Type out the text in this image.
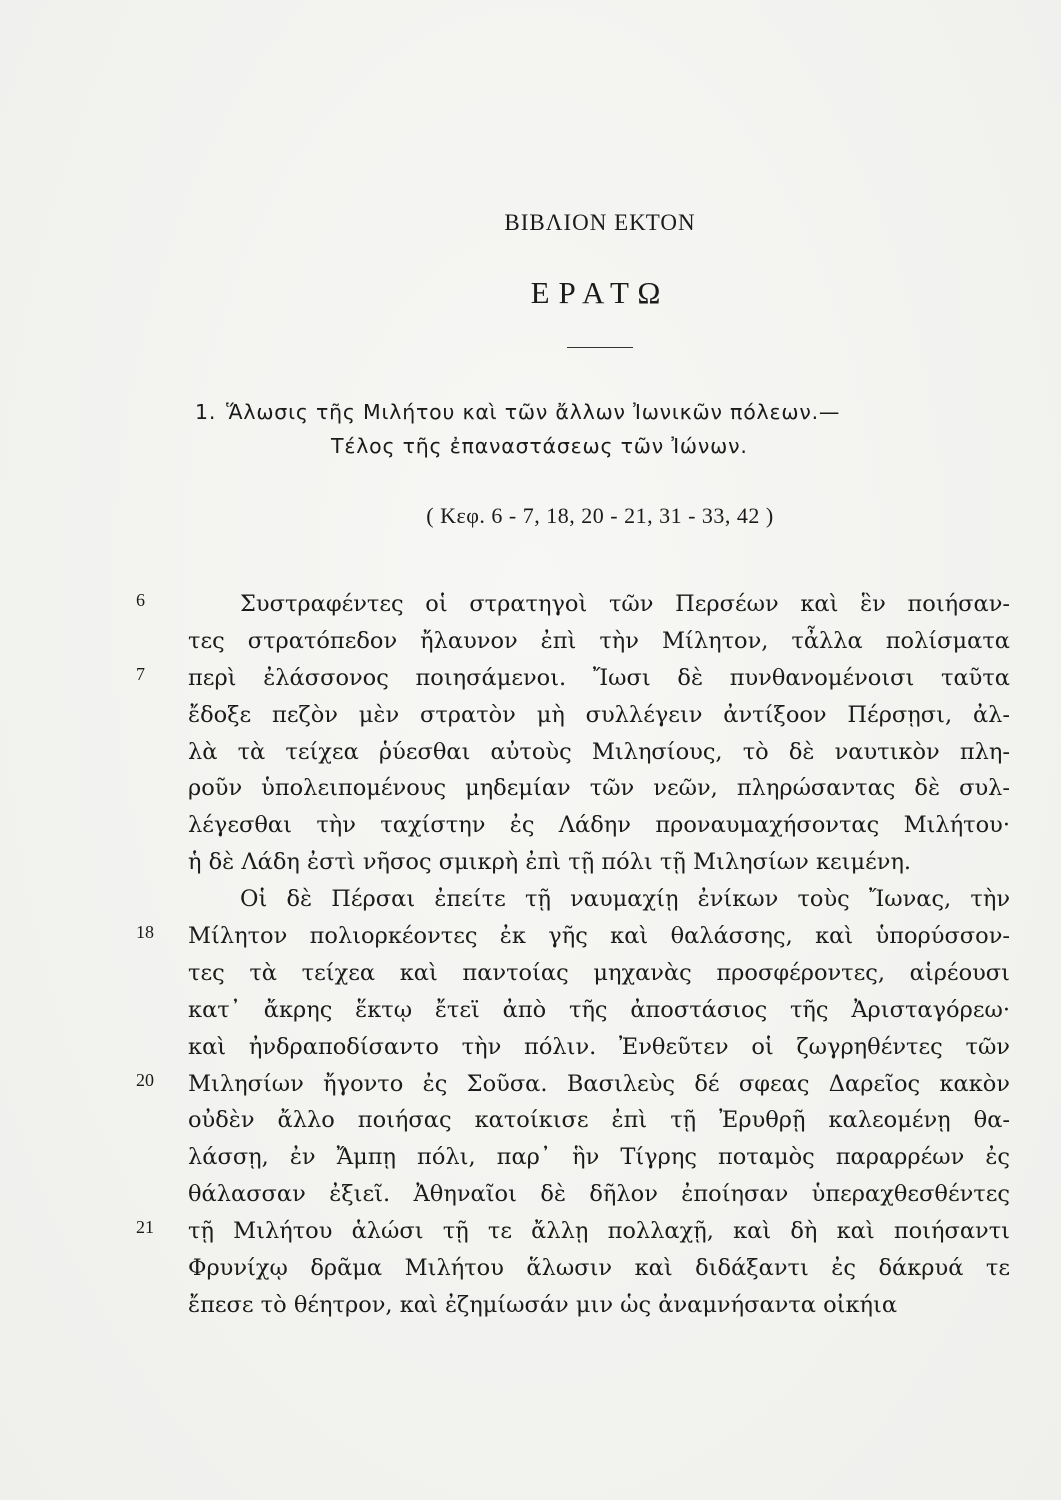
ΒΙΒΛΙΟΝ ΕΚΤΟΝ
ΕΡΑΤΩ
1. Ἅλωσις τῆς Μιλήτου καὶ τῶν ἄλλων Ἰωνικῶν πόλεων.—
Τέλος τῆς ἐπαναστάσεως τῶν Ἰώνων.
( Κεφ. 6 - 7, 18, 20 - 21, 31 - 33, 42 )
6
7
18
20
21
Συστραφέντες οἱ στρατηγοὶ τῶν Περσέων καὶ ἓν ποιήσαν-
τες στρατόπεδον ἤλαυνον ἐπὶ τὴν Μίλητον, τἆλλα πολίσματα
περὶ ἐλάσσονος ποιησάμενοι. Ἴωσι δὲ πυνθανομένοισι ταῦτα
ἔδοξε πεζὸν μὲν στρατὸν μὴ συλλέγειν ἀντίξοον Πέρσῃσι, ἀλ-
λὰ τὰ τείχεα ῥύεσθαι αὐτοὺς Μιλησίους, τὸ δὲ ναυτικὸν πλη-
ροῦν ὑπολειπομένους μηδεμίαν τῶν νεῶν, πληρώσαντας δὲ συλ-
λέγεσθαι τὴν ταχίστην ἐς Λάδην προναυμαχήσοντας Μιλήτου·
ἡ δὲ Λάδη ἐστὶ νῆσος σμικρὴ ἐπὶ τῇ πόλι τῇ Μιλησίων κειμένη.
Οἱ δὲ Πέρσαι ἐπείτε τῇ ναυμαχίῃ ἐνίκων τοὺς Ἴωνας, τὴν
Μίλητον πολιορκέοντες ἐκ γῆς καὶ θαλάσσης, καὶ ὑπορύσσον-
τες τὰ τείχεα καὶ παντοίας μηχανὰς προσφέροντες, αἱρέουσι
κατ᾽ ἄκρης ἕκτῳ ἔτεϊ ἀπὸ τῆς ἀποστάσιος τῆς Ἀρισταγόρεω·
καὶ ἠνδραποδίσαντο τὴν πόλιν. Ἐνθεῦτεν οἱ ζωγρηθέντες τῶν
Μιλησίων ἤγοντο ἐς Σοῦσα. Βασιλεὺς δέ σφεας Δαρεῖος κακὸν
οὐδὲν ἄλλο ποιήσας κατοίκισε ἐπὶ τῇ Ἐρυθρῇ καλεομένῃ θα-
λάσσῃ, ἐν Ἄμπῃ πόλι, παρ᾽ ἣν Τίγρης ποταμὸς παραρρέων ἐς
θάλασσαν ἐξιεῖ. Ἀθηναῖοι δὲ δῆλον ἐποίησαν ὑπεραχθεσθέντες
τῇ Μιλήτου ἁλώσι τῇ τε ἄλλῃ πολλαχῇ, καὶ δὴ καὶ ποιήσαντι
Φρυνίχῳ δρᾶμα Μιλήτου ἅλωσιν καὶ διδάξαντι ἐς δάκρυά τε
ἔπεσε τὸ θέητρον, καὶ ἐζημίωσάν μιν ὡς ἀναμνήσαντα οἰκήια
